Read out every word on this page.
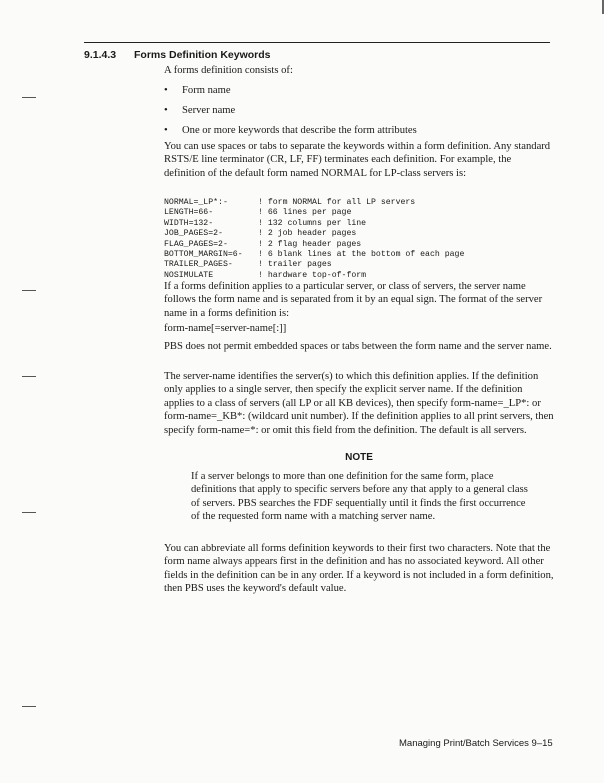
9.1.4.3 Forms Definition Keywords
A forms definition consists of:
• Form name
• Server name
• One or more keywords that describe the form attributes
You can use spaces or tabs to separate the keywords within a form definition. Any standard RSTS/E line terminator (CR, LF, FF) terminates each definition. For example, the definition of the default form named NORMAL for LP-class servers is:
NORMAL=_LP*:-	! form NORMAL for all LP servers
LENGTH=66-	! 66 lines per page
WIDTH=132-	! 132 columns per line
JOB_PAGES=2-	! 2 job header pages
FLAG_PAGES=2-	! 2 flag header pages
BOTTOM_MARGIN=6- ! 6 blank lines at the bottom of each page
TRAILER_PAGES-	! trailer pages
NOSIMULATE	! hardware top-of-form
If a forms definition applies to a particular server, or class of servers, the server name follows the form name and is separated from it by an equal sign. The format of the server name in a forms definition is:
form-name[=server-name[:]]
PBS does not permit embedded spaces or tabs between the form name and the server name.
The server-name identifies the server(s) to which this definition applies. If the definition only applies to a single server, then specify the explicit server name. If the definition applies to a class of servers (all LP or all KB devices), then specify form-name=_LP*: or form-name=_KB*: (wildcard unit number). If the definition applies to all print servers, then specify form-name=*: or omit this field from the definition. The default is all servers.
NOTE
If a server belongs to more than one definition for the same form, place definitions that apply to specific servers before any that apply to a general class of servers. PBS searches the FDF sequentially until it finds the first occurrence of the requested form name with a matching server name.
You can abbreviate all forms definition keywords to their first two characters. Note that the form name always appears first in the definition and has no associated keyword. All other fields in the definition can be in any order. If a keyword is not included in a form definition, then PBS uses the keyword's default value.
Managing Print/Batch Services 9–15
